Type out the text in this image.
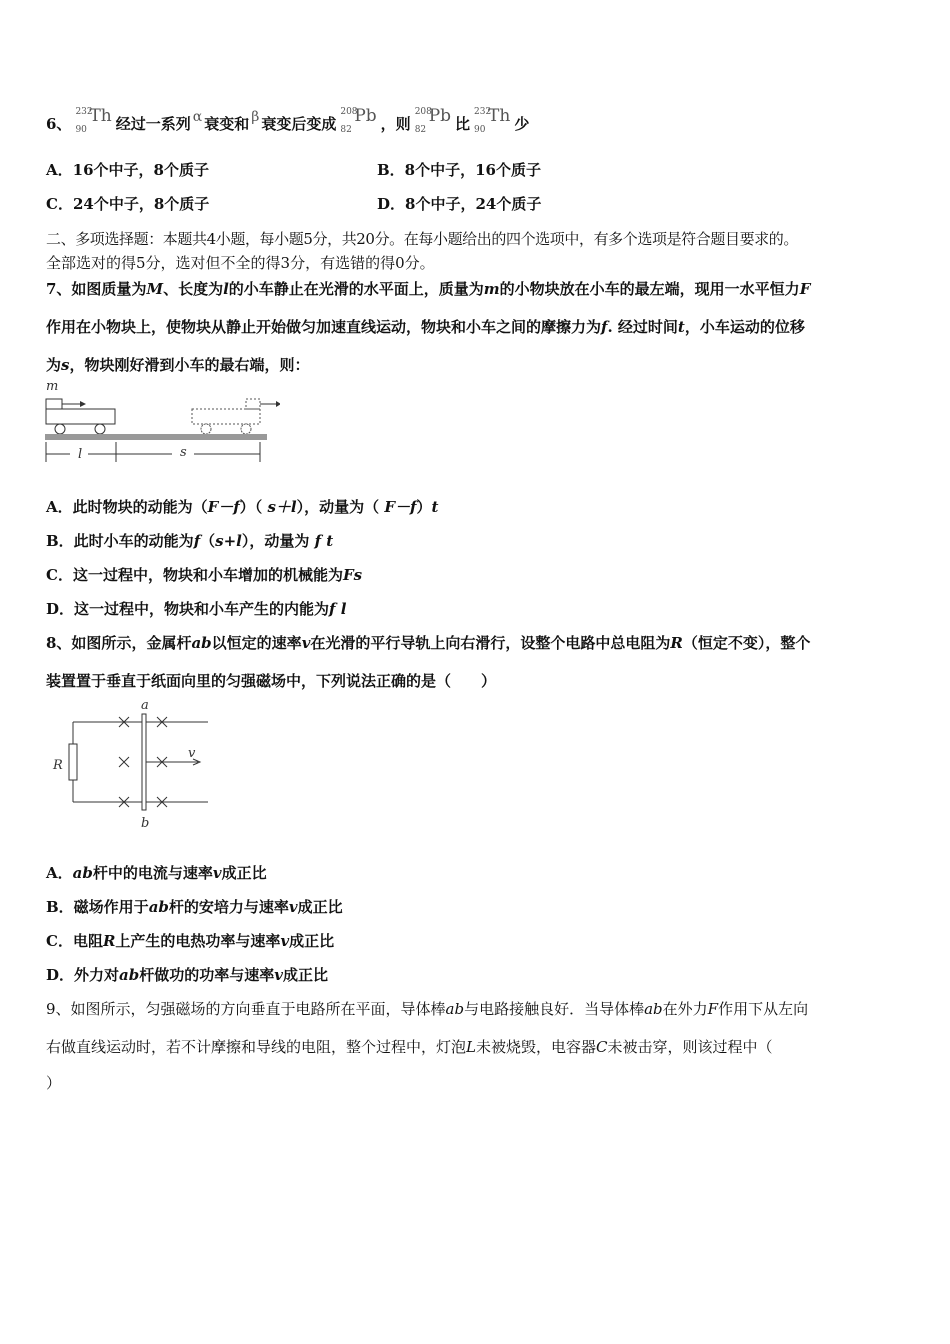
6、
232
90
Th 经过一系列 α 衰变和 β 衰变后变成
208
82
Pb ，则
208
82
Pb 比
232
90
Th 少
A．16个中子，8个质子	B．8个中子，16个质子
C．24个中子，8个质子	D．8个中子，24个质子
二、多项选择题：本题共4小题，每小题5分，共20分。在每小题给出的四个选项中，有多个选项是符合题目要求的。
全部选对的得5分，选对但不全的得3分，有选错的得0分。
7、如图质量为M、长度为l的小车静止在光滑的水平面上，质量为m的小物块放在小车的最左端，现用一水平恒力F
作用在小物块上，使物块从静止开始做匀加速直线运动，物块和小车之间的摩擦力为f. 经过时间t，小车运动的位移
为s，物块刚好滑到小车的最右端，则：
m
l	s
A．此时物块的动能为（F－f）（ s＋l），动量为（ F－f）t
B．此时小车的动能为f（s+l），动量为 f t
C．这一过程中，物块和小车增加的机械能为Fs
D．这一过程中，物块和小车产生的内能为f l
8、如图所示，金属杆ab以恒定的速率v在光滑的平行导轨上向右滑行，设整个电路中总电阻为R（恒定不变），整个
装置置于垂直于纸面向里的匀强磁场中，下列说法正确的是（　　）
a
b
R
v
A．ab杆中的电流与速率v成正比
B．磁场作用于ab杆的安培力与速率v成正比
C．电阻R上产生的电热功率与速率v成正比
D．外力对ab杆做功的功率与速率v成正比
9、如图所示，匀强磁场的方向垂直于电路所在平面，导体棒ab与电路接触良好．当导体棒ab在外力F作用下从左向
右做直线运动时，若不计摩擦和导线的电阻，整个过程中，灯泡L未被烧毁，电容器C未被击穿，则该过程中（
）
